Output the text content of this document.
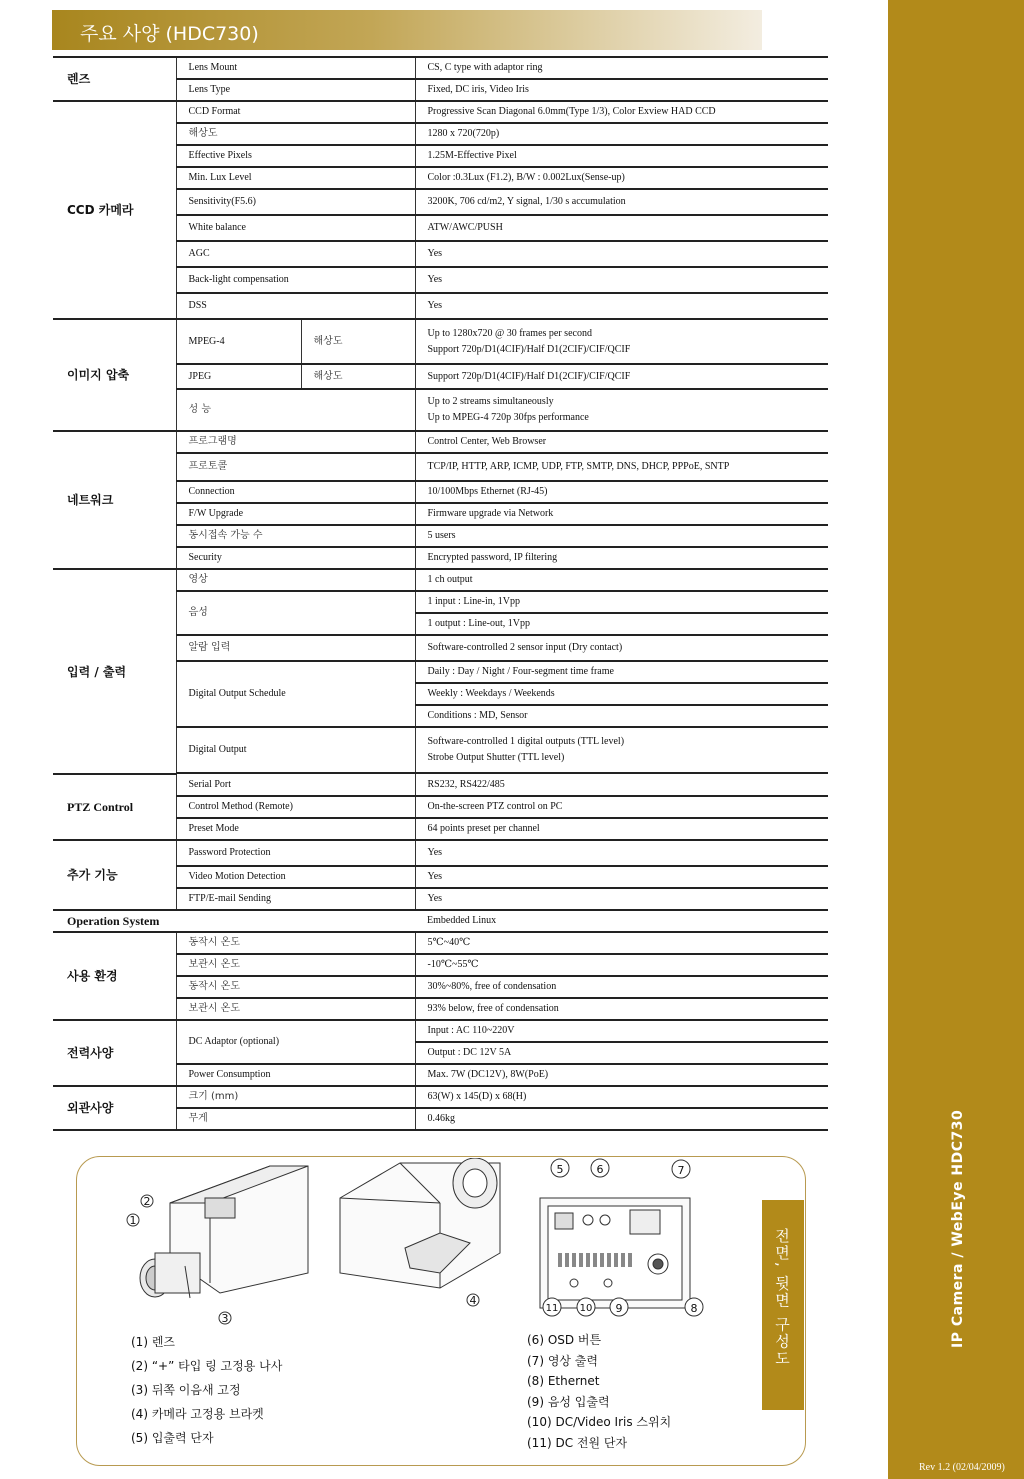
IP Camera / WebEye HDC730
Rev 1.2 (02/04/2009)
주요 사양 (HDC730)
렌즈	Lens Mount		CS, C type with adaptor ring
	Lens Type		Fixed, DC iris, Video Iris
CCD 카메라	CCD Format		Progressive Scan Diagonal 6.0mm(Type 1/3), Color Exview HAD CCD
	해상도		1280 x 720(720p)
	Effective Pixels		1.25M-Effective Pixel
	Min. Lux Level		Color :0.3Lux (F1.2), B/W : 0.002Lux(Sense-up)
	Sensitivity(F5.6)		3200K, 706 cd/m2, Y signal, 1/30 s accumulation
	White balance		ATW/AWC/PUSH
	AGC		Yes
	Back-light compensation		Yes
	DSS		Yes
이미지 압축	MPEG-4	해상도	Up to 1280x720 @ 30 frames per second
Support 720p/D1(4CIF)/Half D1(2CIF)/CIF/QCIF

	JPEG	해상도	Support 720p/D1(4CIF)/Half D1(2CIF)/CIF/QCIF
	성 능		Up to 2 streams simultaneously
Up to MPEG-4 720p 30fps performance

네트워크	프로그램명		Control Center, Web Browser
	프로토콜		TCP/IP, HTTP, ARP, ICMP, UDP, FTP, SMTP, DNS, DHCP, PPPoE, SNTP
	Connection		10/100Mbps Ethernet (RJ-45)
	F/W Upgrade		Firmware upgrade via Network
	동시접속 가능 수		5 users
	Security		Encrypted password, IP filtering
입력 / 출력	영상		1 ch output
	음성		1 input : Line-in, 1Vpp
			1 output : Line-out, 1Vpp
	알람 입력		Software-controlled 2 sensor input (Dry contact)
	Digital Output Schedule		Daily : Day / Night / Four-segment time frame
			Weekly : Weekdays / Weekends
			Conditions : MD, Sensor
	Digital Output		Software-controlled 1 digital outputs (TTL level)
Strobe Output Shutter (TTL level)

PTZ Control	Serial Port		RS232, RS422/485
	Control Method (Remote)		On-the-screen PTZ control on PC
	Preset Mode		64 points preset per channel
추가 기능	Password Protection		Yes
	Video Motion Detection		Yes
	FTP/E-mail Sending		Yes
Operation System			Embedded Linux
사용 환경	동작시 온도		5℃~40℃
	보관시 온도		-10℃~55℃
	동작시 온도		30%~80%, free of condensation
	보관시 온도		93% below, free of condensation
전력사양	DC Adaptor (optional)		Input : AC 110~220V
			Output : DC 12V 5A
	Power Consumption		Max. 7W (DC12V), 8W(PoE)
외관사양	크기 (mm)		63(W) x 145(D) x 68(H)
	무게		0.46kg
전면, 뒷면 구성도
1
2
3
4
5	6	7
8
9
10
11
(1) 렌즈
(2) “+” 타입 링 고정용 나사
(3) 뒤쪽 이음새 고정
(4) 카메라 고정용 브라켓
(5) 입출력 단자
(6) OSD 버튼
(7) 영상 출력
(8) Ethernet
(9) 음성 입출력
(10) DC/Video Iris 스위치
(11) DC 전원 단자
